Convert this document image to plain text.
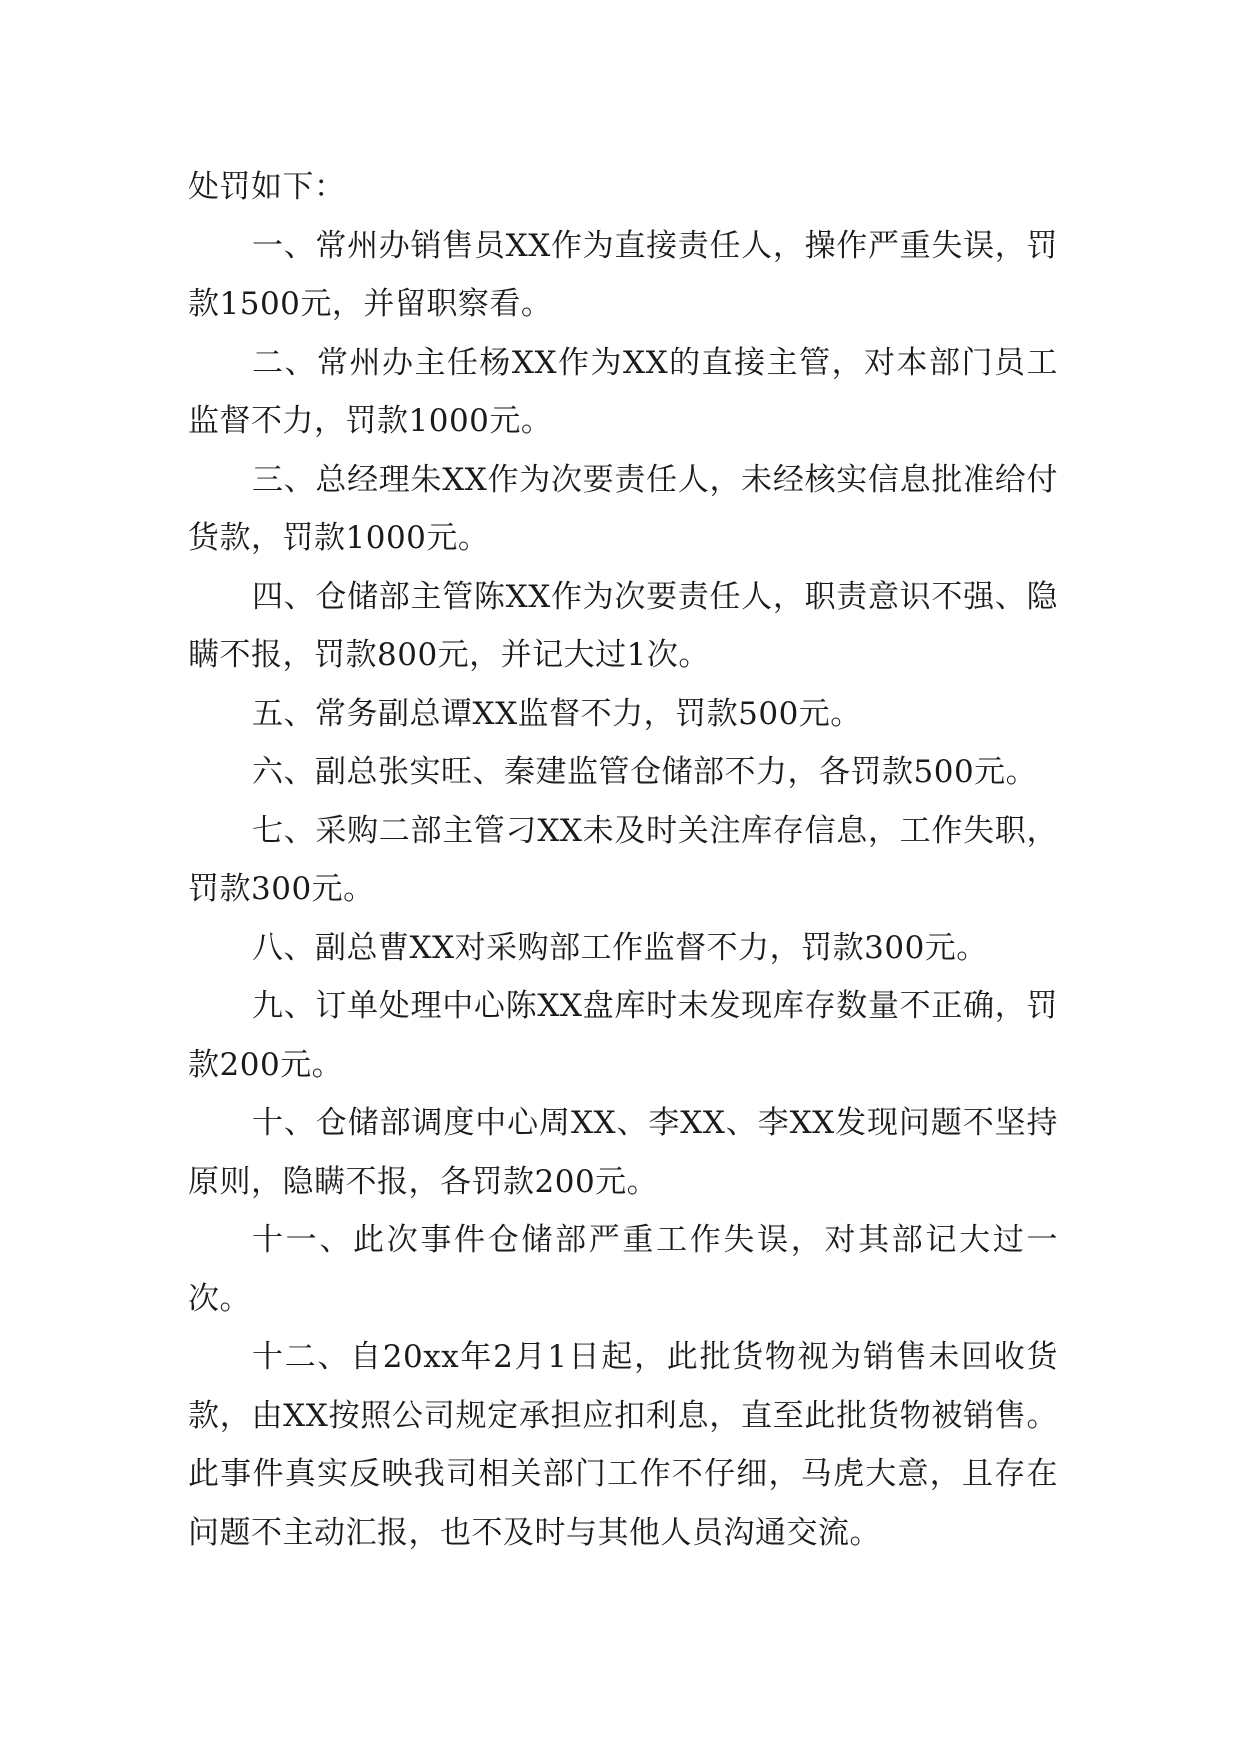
处罚如下：

一、常州办销售员XX作为直接责任人，操作严重失误，罚款1500元，并留职察看。

二、常州办主任杨XX作为XX的直接主管，对本部门员工监督不力，罚款1000元。

三、总经理朱XX作为次要责任人，未经核实信息批准给付货款，罚款1000元。

四、仓储部主管陈XX作为次要责任人，职责意识不强、隐瞒不报，罚款800元，并记大过1次。

五、常务副总谭XX监督不力，罚款500元。

六、副总张实旺、秦建监管仓储部不力，各罚款500元。

七、采购二部主管刁XX未及时关注库存信息，工作失职，罚款300元。

八、副总曹XX对采购部工作监督不力，罚款300元。

九、订单处理中心陈XX盘库时未发现库存数量不正确，罚款200元。

十、仓储部调度中心周XX、李XX、李XX发现问题不坚持原则，隐瞒不报，各罚款200元。

十一、此次事件仓储部严重工作失误，对其部记大过一次。

十二、自20xx年2月1日起，此批货物视为销售未回收货款，由XX按照公司规定承担应扣利息，直至此批货物被销售。此事件真实反映我司相关部门工作不仔细，马虎大意，且存在问题不主动汇报，也不及时与其他人员沟通交流。
